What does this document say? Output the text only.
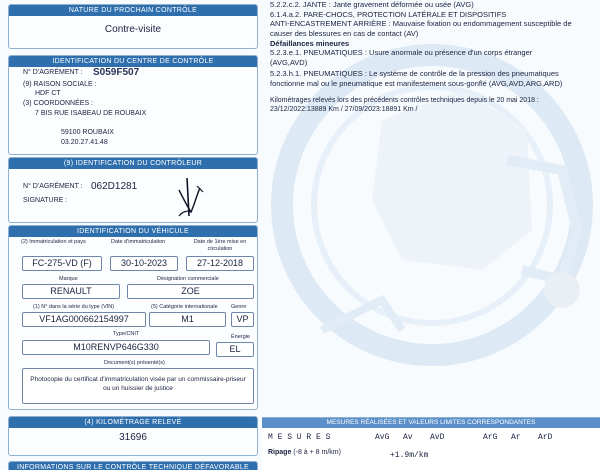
NATURE DU PROCHAIN CONTRÔLE
Contre-visite
IDENTIFICATION DU CENTRE DE CONTRÔLE
N° D'AGRÉMENT : S059F507
(9) RAISON SOCIALE :
HDF CT
(3) COORDONNÉES :
7 BIS RUE ISABEAU DE ROUBAIX
59100 ROUBAIX
03.20.27.41.48
(9) IDENTIFICATION DU CONTRÔLEUR
N° D'AGRÉMENT : 062D1281
SIGNATURE :
IDENTIFICATION DU VÉHICULE
(2) Immatriculation et pays	Date d'immatriculation	Date de 1ère mise en circulation
FC-275-VD (F)	30-10-2023	27-12-2018
Marque	Désignation commerciale
RENAULT	ZOE
(1) N° dans la série du type (VIN)	(5) Catégorie internationale Genre
VF1AG000662154997	M1	VP
Type/CNIT	Énergie
M10RENVP646G330	EL
Document(s) présenté(s)
Photocopie du certificat d'immatriculation visée par un commissaire-priseur
ou un huissier de justice
(4) KILOMÉTRAGE RELEVÉ
31696
INFORMATIONS SUR LE CONTRÔLE TECHNIQUE DÉFAVORABLE
5.2.2.c.2. JANTE : Jante gravement déformée ou usée (AVG)
6.1.4.a.2. PARE-CHOCS, PROTECTION LATÉRALE ET DISPOSITIFS
ANTI-ENCASTREMENT ARRIÈRE : Mauvaise fixation ou endommagement susceptible de
causer des blessures en cas de contact (AV)
Défaillances mineures
5.2.3.e.1. PNEUMATIQUES : Usure anormale ou présence d'un corps étranger
(AVG,AVD)
5.2.3.h.1. PNEUMATIQUES : Le système de contrôle de la pression des pneumatiques
fonctionne mal ou le pneumatique est manifestement sous-gonflé (AVG,AVD,ARG,ARD)
Kilométrages relevés lors des précédents contrôles techniques depuis le 20 mai 2018 :
23/12/2022:13889 Km / 27/09/2023:18891 Km /
MESURES RÉALISÉES ET VALEURS LIMITES CORRESPONDANTES
M E S U R E S	AvG Av AvD	ArG Ar ArD
Ripage (-8 à + 8 m/km)	+1.9m/km
